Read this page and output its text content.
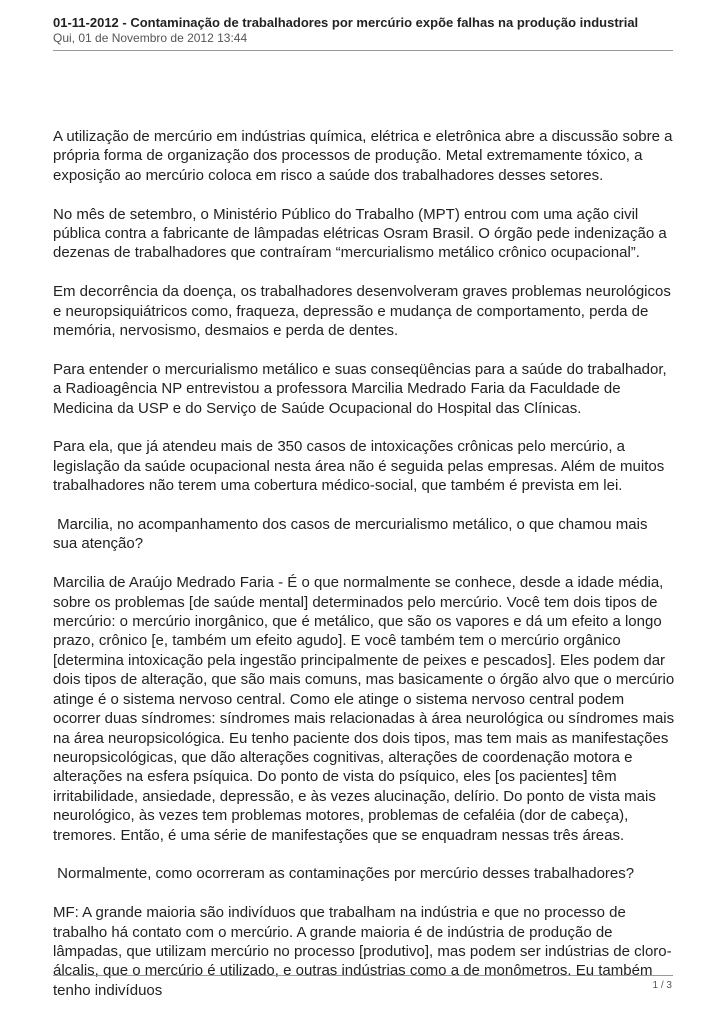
01-11-2012 - Contaminação de trabalhadores por mercúrio expõe falhas na produção industrial
Qui, 01 de Novembro de 2012 13:44

A utilização de mercúrio em indústrias química, elétrica e eletrônica abre a discussão sobre a própria forma de organização dos processos de produção. Metal extremamente tóxico, a exposição ao mercúrio coloca em risco a saúde dos trabalhadores desses setores.

No mês de setembro, o Ministério Público do Trabalho (MPT) entrou com uma ação civil pública contra a fabricante de lâmpadas elétricas Osram Brasil. O órgão pede indenização a dezenas de trabalhadores que contraíram “mercurialismo metálico crônico ocupacional”.

Em decorrência da doença, os trabalhadores desenvolveram graves problemas neurológicos e neuropsiquiátricos como, fraqueza, depressão e mudança de comportamento, perda de memória, nervosismo, desmaios e perda de dentes.

Para entender o mercurialismo metálico e suas conseqüências para a saúde do trabalhador, a Radioagência NP entrevistou a professora Marcilia Medrado Faria da Faculdade de Medicina da USP e do Serviço de Saúde Ocupacional do Hospital das Clínicas.

Para ela, que já atendeu mais de 350 casos de intoxicações crônicas pelo mercúrio, a legislação da saúde ocupacional nesta área não é seguida pelas empresas. Além de muitos trabalhadores não terem uma cobertura médico-social, que também é prevista em lei.

Marcilia, no acompanhamento dos casos de mercurialismo metálico, o que chamou mais sua atenção?

Marcilia de Araújo Medrado Faria - É o que normalmente se conhece, desde a idade média, sobre os problemas [de saúde mental] determinados pelo mercúrio. Você tem dois tipos de mercúrio: o mercúrio inorgânico, que é metálico, que são os vapores e dá um efeito a longo prazo, crônico [e, também um efeito agudo]. E você também tem o mercúrio orgânico [determina intoxicação pela ingestão principalmente de peixes e pescados]. Eles podem dar dois tipos de alteração, que são mais comuns, mas basicamente o órgão alvo que o mercúrio atinge é o sistema nervoso central. Como ele atinge o sistema nervoso central podem ocorrer duas síndromes: síndromes mais relacionadas à área neurológica ou síndromes mais na área neuropsicológica. Eu tenho paciente dos dois tipos, mas tem mais as manifestações neuropsicológicas, que dão alterações cognitivas, alterações de coordenação motora e alterações na esfera psíquica. Do ponto de vista do psíquico, eles [os pacientes] têm irritabilidade, ansiedade, depressão, e às vezes alucinação, delírio. Do ponto de vista mais neurológico, às vezes tem problemas motores, problemas de cefaléia (dor de cabeça), tremores. Então, é uma série de manifestações que se enquadram nessas três áreas.

Normalmente, como ocorreram as contaminações por mercúrio desses trabalhadores?

MF: A grande maioria são indivíduos que trabalham na indústria e que no processo de trabalho há contato com o mercúrio. A grande maioria é de indústria de produção de lâmpadas, que utilizam mercúrio no processo [produtivo], mas podem ser indústrias de cloro-álcalis, que o mercúrio é utilizado, e outras indústrias como a de monômetros. Eu também tenho indivíduos	1 / 3
